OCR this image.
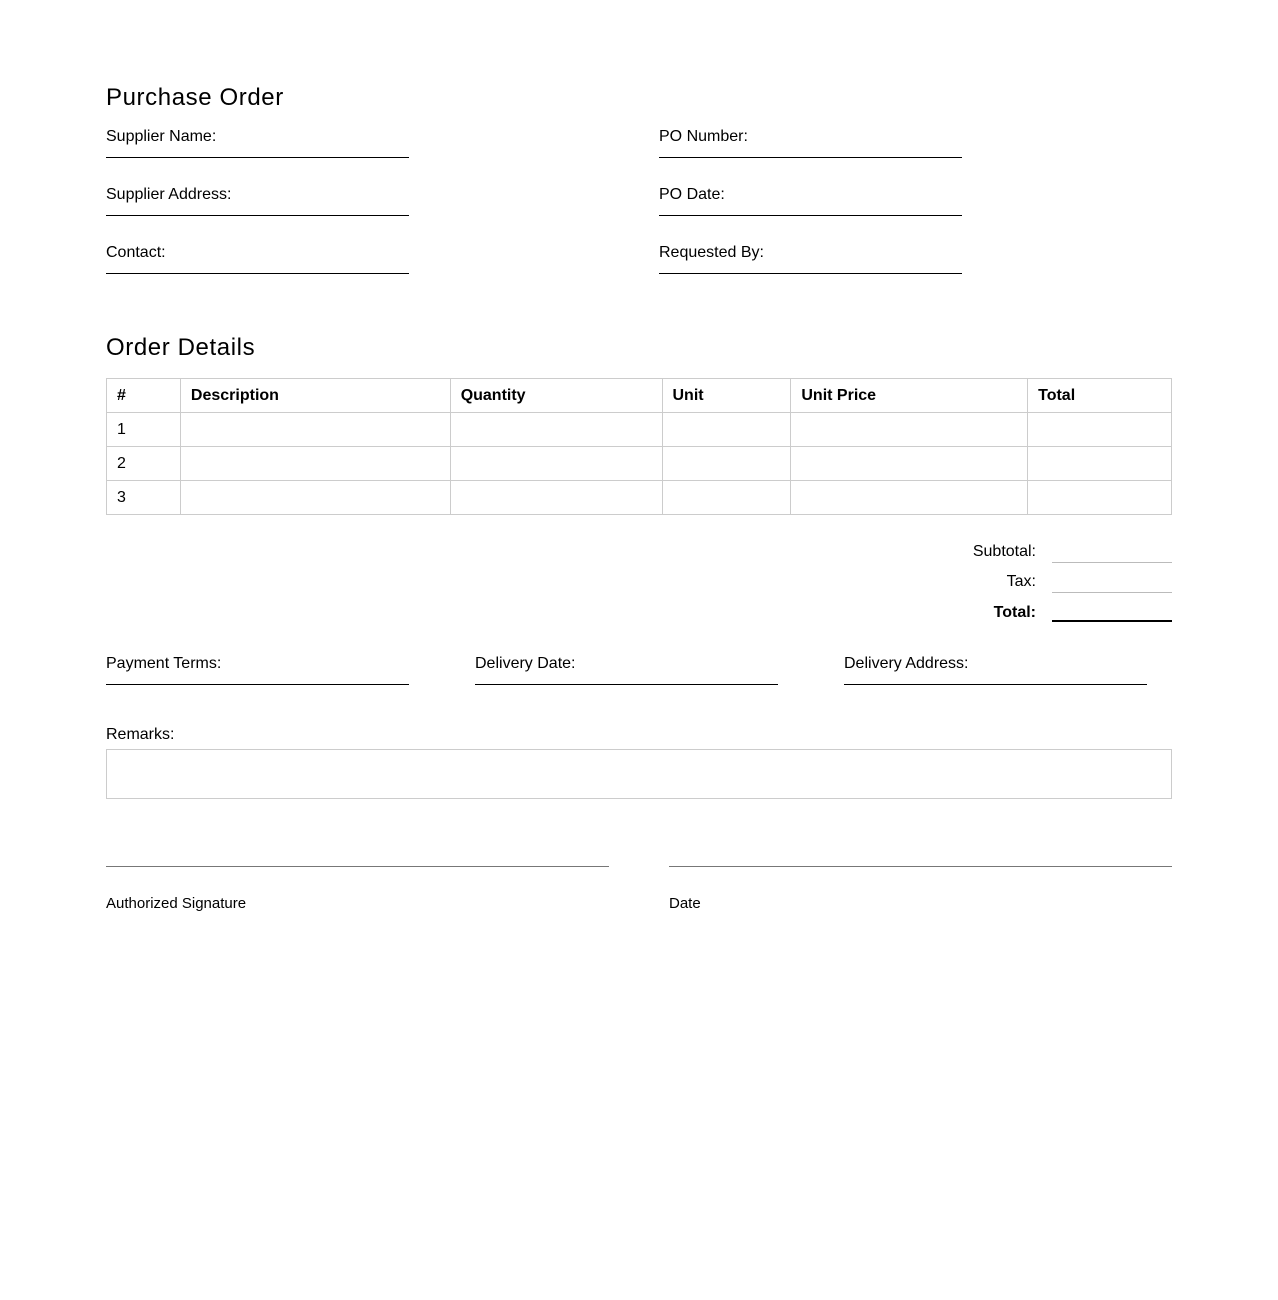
Purchase Order
Supplier Name:
Supplier Address:
Contact:
PO Number:
PO Date:
Requested By:
Order Details
#	Description	Quantity	Unit	Unit Price	Total
1					
2					
3					
Subtotal:
Tax:
Total:
Payment Terms:	Delivery Date:	Delivery Address:
Remarks:
Authorized Signature	Date
